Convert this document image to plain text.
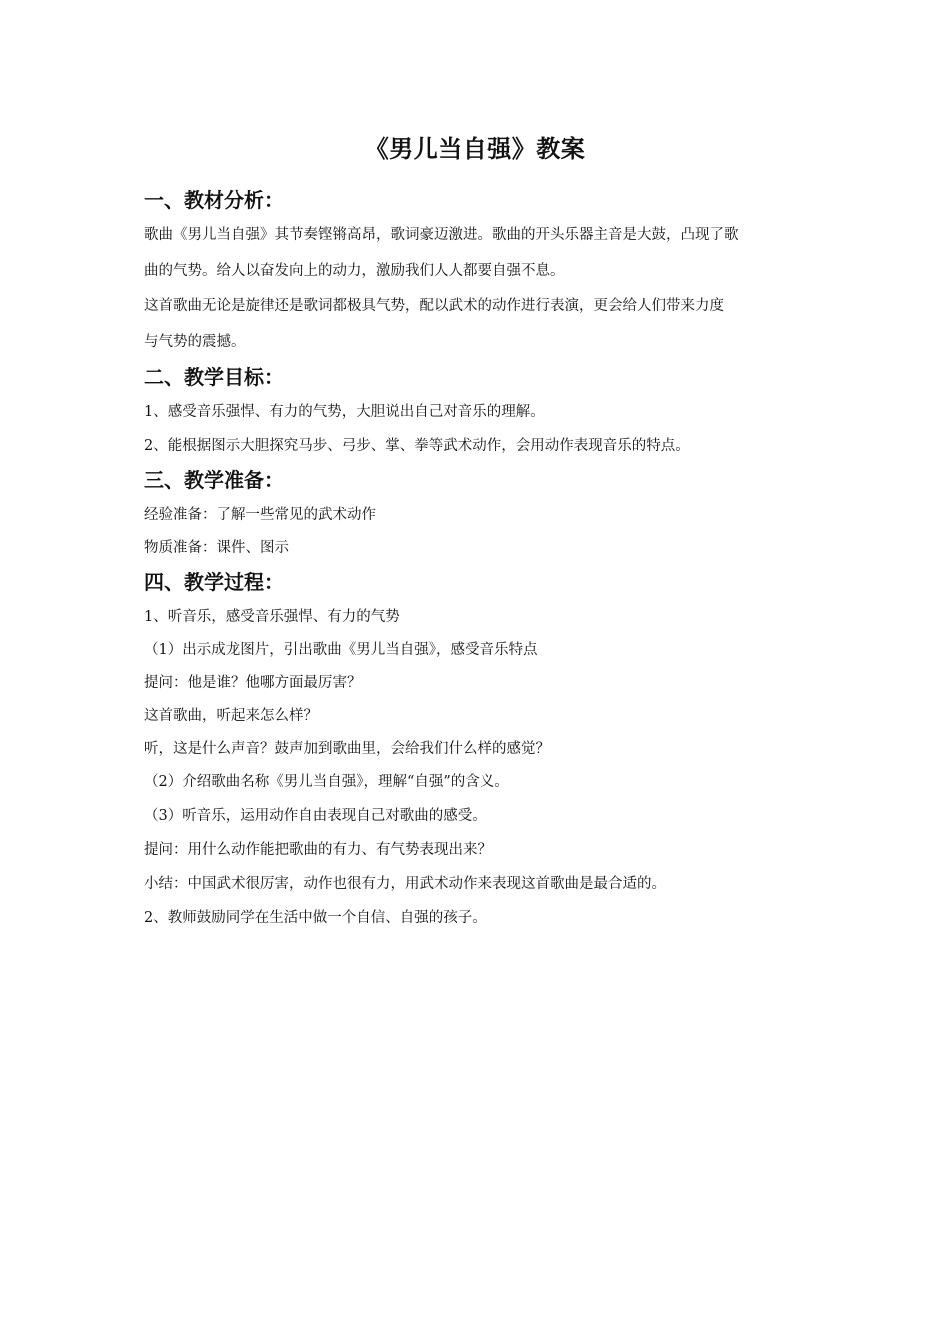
《男儿当自强》教案
一、教材分析：
歌曲《男儿当自强》其节奏铿锵高昂，歌词豪迈激进。歌曲的开头乐器主音是大鼓，凸现了歌
曲的气势。给人以奋发向上的动力，激励我们人人都要自强不息。
这首歌曲无论是旋律还是歌词都极具气势，配以武术的动作进行表演，更会给人们带来力度
与气势的震撼。
二、教学目标：
1、感受音乐强悍、有力的气势，大胆说出自己对音乐的理解。
2、能根据图示大胆探究马步、弓步、掌、拳等武术动作，会用动作表现音乐的特点。
三、教学准备：
经验准备：了解一些常见的武术动作
物质准备：课件、图示
四、教学过程：
1、听音乐，感受音乐强悍、有力的气势
（1）出示成龙图片，引出歌曲《男儿当自强》，感受音乐特点
提问：他是谁？他哪方面最厉害？
这首歌曲，听起来怎么样？
听，这是什么声音？鼓声加到歌曲里，会给我们什么样的感觉？
（2）介绍歌曲名称《男儿当自强》，理解“自强”的含义。
（3）听音乐，运用动作自由表现自己对歌曲的感受。
提问：用什么动作能把歌曲的有力、有气势表现出来？
小结：中国武术很厉害，动作也很有力，用武术动作来表现这首歌曲是最合适的。
2、教师鼓励同学在生活中做一个自信、自强的孩子。
